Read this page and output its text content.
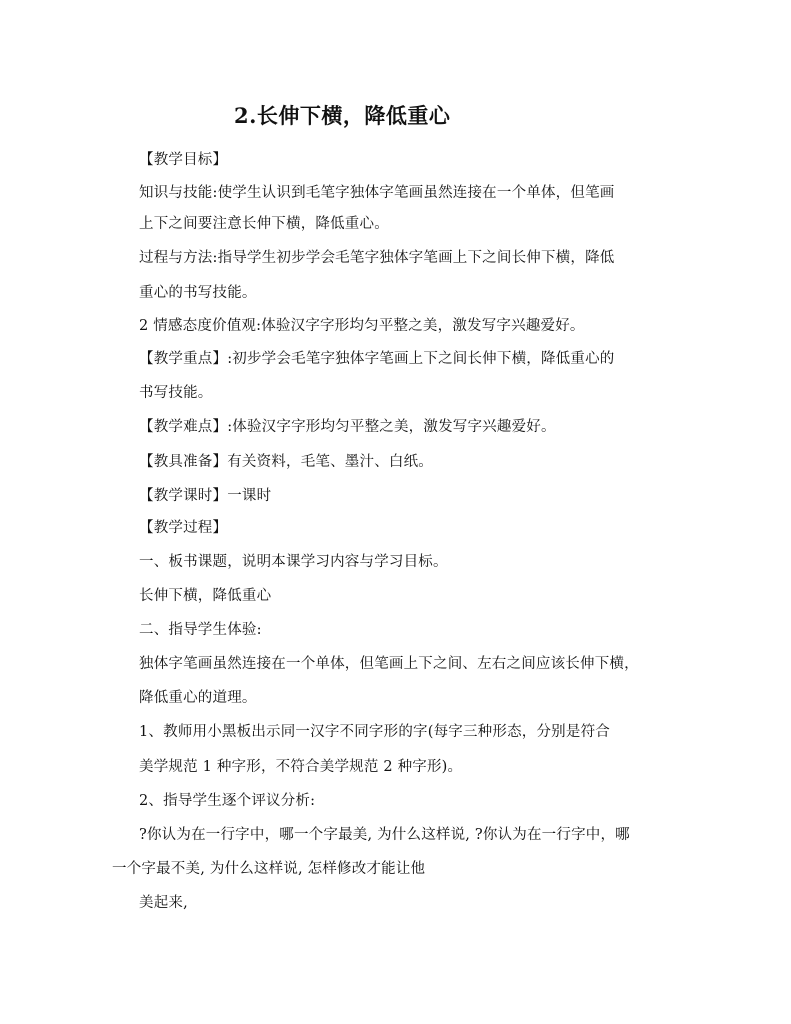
2.长伸下横，降低重心
【教学目标】
知识与技能:使学生认识到毛笔字独体字笔画虽然连接在一个单体，但笔画
上下之间要注意长伸下横，降低重心。
过程与方法:指导学生初步学会毛笔字独体字笔画上下之间长伸下横，降低
重心的书写技能。
2 情感态度价值观:体验汉字字形均匀平整之美，激发写字兴趣爱好。
【教学重点】:初步学会毛笔字独体字笔画上下之间长伸下横，降低重心的
书写技能。
【教学难点】:体验汉字字形均匀平整之美，激发写字兴趣爱好。
【教具准备】有关资料，毛笔、墨汁、白纸。
【教学课时】一课时
【教学过程】
一、板书课题，说明本课学习内容与学习目标。
长伸下横，降低重心
二、指导学生体验:
独体字笔画虽然连接在一个单体，但笔画上下之间、左右之间应该长伸下横，
降低重心的道理。
1、教师用小黑板出示同一汉字不同字形的字(每字三种形态，分别是符合
美学规范 1 种字形，不符合美学规范 2 种字形)。
2、指导学生逐个评议分析:
?你认为在一行字中，哪一个字最美, 为什么这样说, ?你认为在一行字中，哪
一个字最不美, 为什么这样说, 怎样修改才能让他
美起来,
